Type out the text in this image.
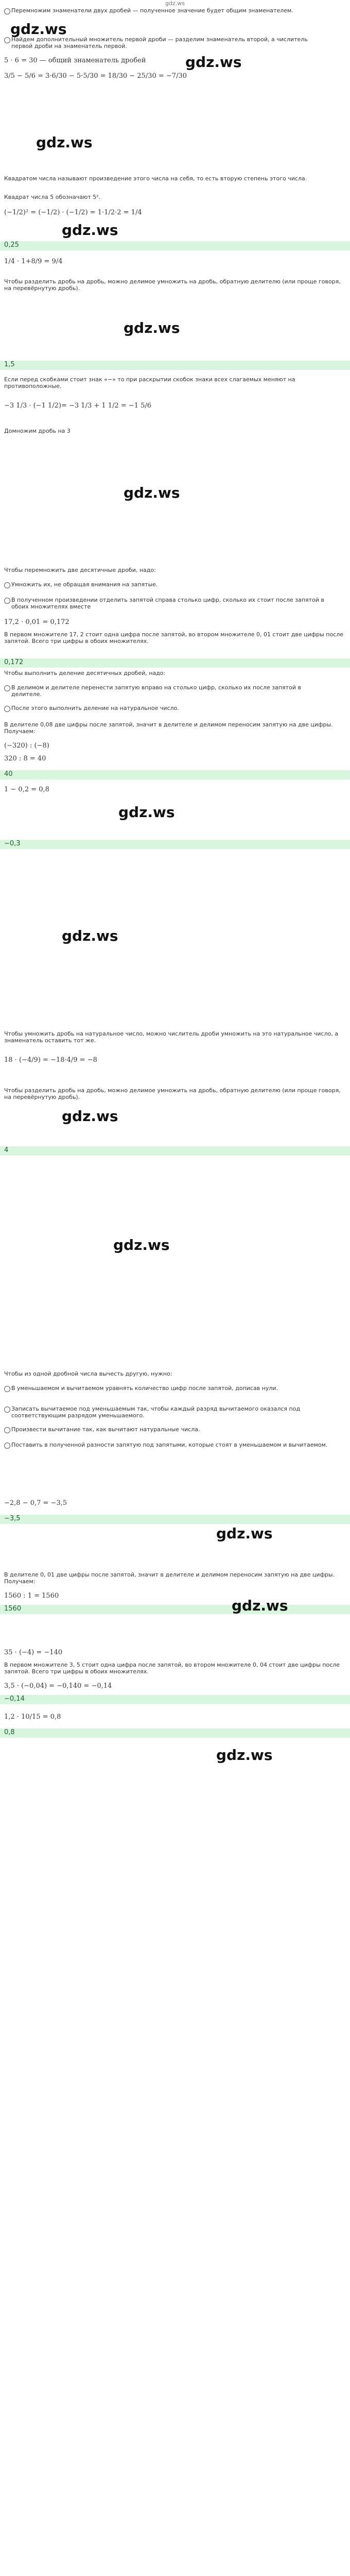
gdz.ws
Перемножим знаменатели двух дробей — полученное значение будет общим знаменателем.
gdz.ws
Найдем дополнительный множитель первой дроби — разделим знаменатель второй, а числитель первой дроби на знаменатель первой.
5 · 6 = 30 — общий знаменатель дробей	gdz.ws
3/5 − 5/6 = 3·6/30 − 5·5/30 = 18/30 − 25/30 = −7/30
gdz.ws
Квадратом числа называют произведение этого числа на себя, то есть вторую степень этого числа.
Квадрат числа 5 обозначают 5².
(−1/2)² = (−1/2) · (−1/2) = 1·1/2·2 = 1/4
gdz.ws
0,25
1/4 · 1+8/9 = 9/4
Чтобы разделить дробь на дробь, можно делимое умножить на дробь, обратную делителю (или проще говоря, на перевёрнутую дробь).
gdz.ws
1,5
Если перед скобками стоит знак «−» то при раскрытии скобок знаки всех слагаемых меняют на противоположные.
−3 1/3 · (−1 1/2)= −3 1/3 + 1 1/2 = −1 5/6
Домножим дробь на 3
gdz.ws
Чтобы перемножить две десятичные дроби, надо:
Умножить их, не обращая внимания на запятые.
В полученном произведении отделить запятой справа столько цифр, сколько их стоит после запятой в обоих множителях вместе
17,2 · 0,01 = 0,172
В первом множителе 17, 2 стоит одна цифра после запятой, во втором множителе 0, 01 стоит две цифры после запятой. Всего три цифры в обоих множителях.
0,172
Чтобы выполнить деление десятичных дробей, надо:
В делимом и делителе перенести запятую вправо на столько цифр, сколько их после запятой в делителе.
После этого выполнить деление на натуральное число.
В делителе 0,08 две цифры после запятой, значит в делителе и делимом переносим запятую на две цифры. Получаем:
(−320) : (−8)
320 : 8 = 40
40
1 − 0,2 = 0,8
gdz.ws
−0,3
gdz.ws
Чтобы умножить дробь на натуральное число, можно числитель дроби умножить на это натуральное число, а знаменатель оставить тот же.
18 · (−4/9) = −18·4/9 = −8
Чтобы разделить дробь на дробь, можно делимое умножить на дробь, обратную делителю (или проще говоря, на перевёрнутую дробь).
gdz.ws
4
gdz.ws
Чтобы из одной дробной числа вычесть другую, нужно:
В уменьшаемом и вычитаемом уравнять количество цифр после запятой, дописав нули.
Записать вычитаемое под уменьшаемым так, чтобы каждый разряд вычитаемого оказался под соответствующим разрядом уменьшаемого.
Произвести вычитание так, как вычитают натуральные числа.
Поставить в полученной разности запятую под запятыми, которые стоят в уменьшаемом и вычитаемом.
−2,8 − 0,7 = −3,5
−3,5
gdz.ws
В делителе 0, 01 две цифры после запятой, значит в делителе и делимом переносим запятую на две цифры. Получаем:
1560 : 1 = 1560
1560	gdz.ws
35 · (−4) = −140
В первом множителе 3, 5 стоит одна цифра после запятой, во втором множителе 0, 04 стоит две цифры после запятой. Всего три цифры в обоих множителях.
3,5 · (−0,04) = −0,140 = −0,14
−0,14
1,2 · 10/15 = 0,8
0,8
gdz.ws
